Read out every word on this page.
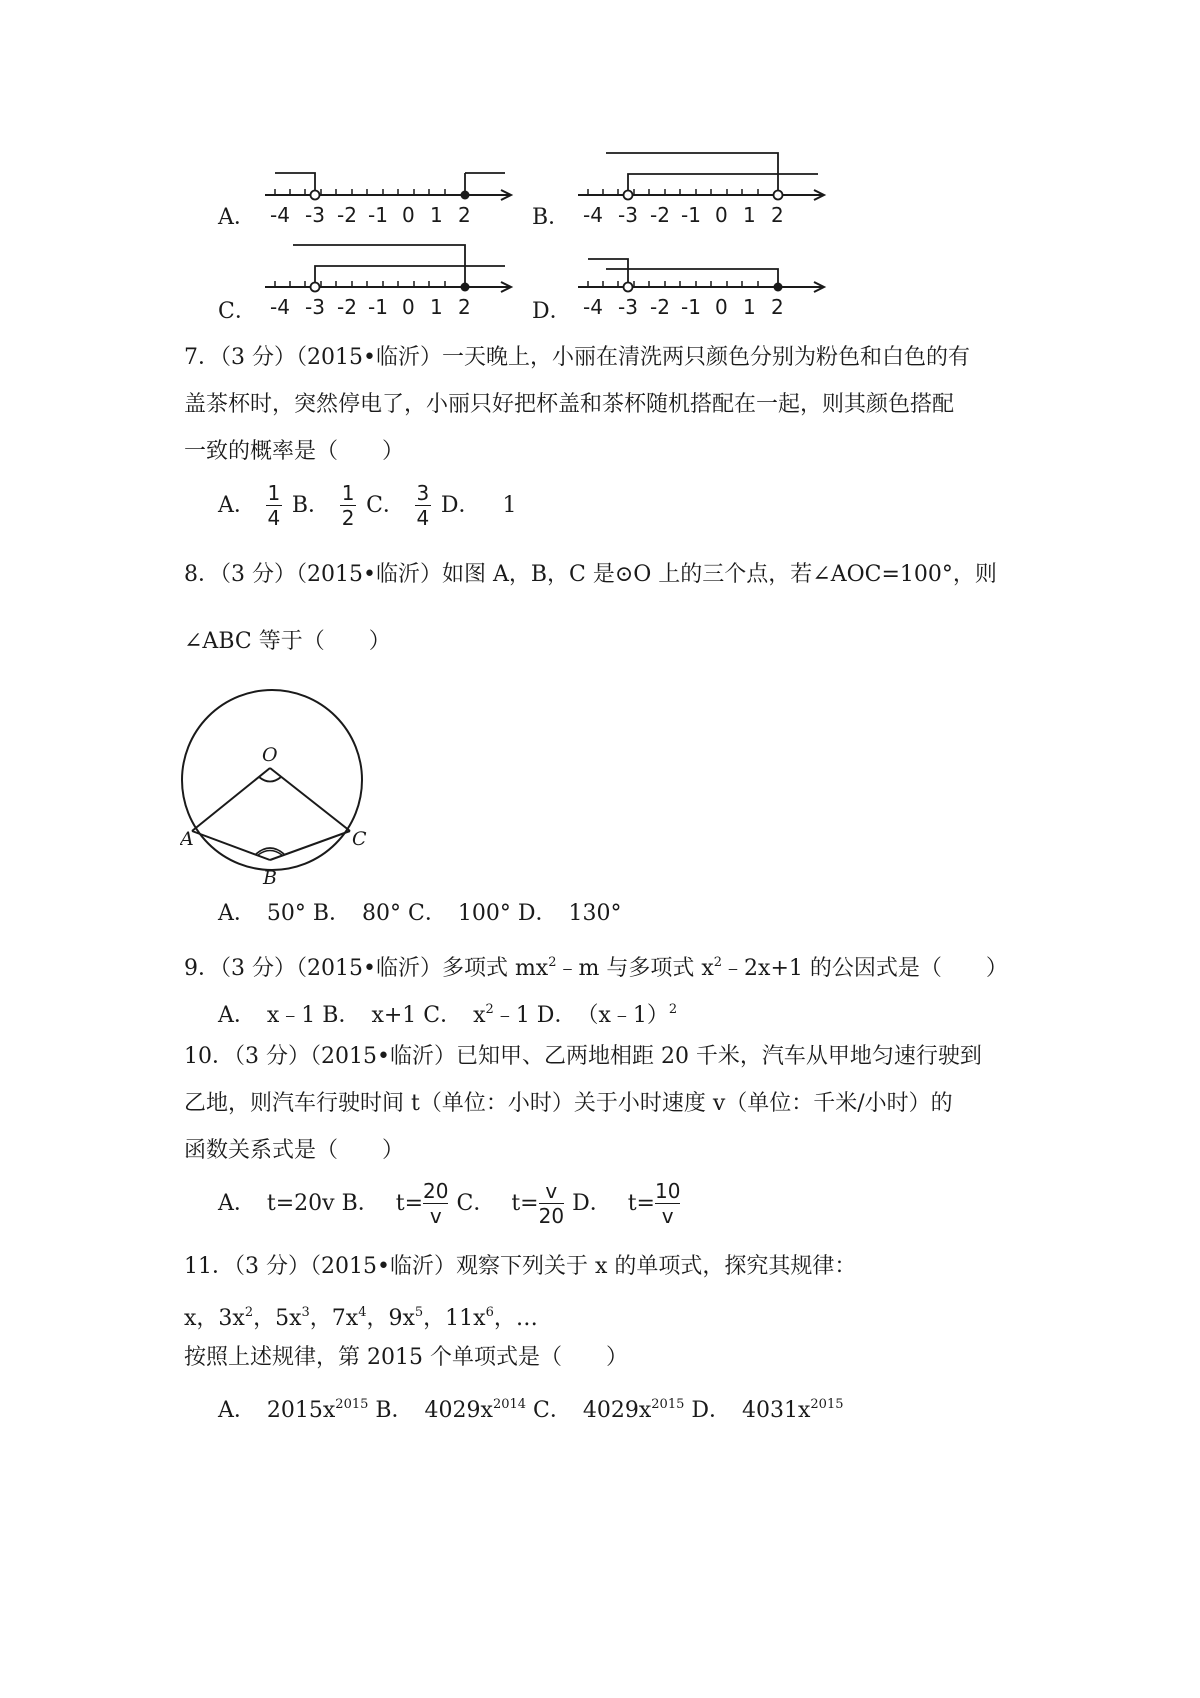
A． -4 -3 -2 -1 0 1 2	B． -4 -3 -2 -1 0 1 2
C． -4 -3 -2 -1 0 1 2	D． -4 -3 -2 -1 0 1 2
7．（3 分）（2015•临沂）一天晚上，小丽在清洗两只颜色分别为粉色和白色的有
盖茶杯时，突然停电了，小丽只好把杯盖和茶杯随机搭配在一起，则其颜色搭配
一致的概率是（　　）
A． $\frac{1}{4}$ B． $\frac{1}{2}$ C． $\frac{3}{4}$ D． 1
8．（3 分）（2015•临沂）如图 A，B，C 是⊙O 上的三个点，若∠AOC=100°，则
∠ABC 等于（　　）
O
A
B
C
A．　50° B．　80° C．　100° D．　130°
9．（3 分）（2015•临沂）多项式 $mx^2﹣m$ 与多项式 $x^2﹣2x+1$ 的公因式是（　　）
A．　x﹣1 B．　x+1 C．　$x^2﹣1$ D．　（x﹣1）$^2$
10．（3 分）（2015•临沂）已知甲、乙两地相距 20 千米，汽车从甲地匀速行驶到
乙地，则汽车行驶时间 t（单位：小时）关于小时速度 v（单位：千米/小时）的
函数关系式是（　　）
A．　t=20v B． $t= \frac{20}{v}$ C． $t= \frac{v}{20}$ D． $t= \frac{10}{v}$
11．（3 分）（2015•临沂）观察下列关于 x 的单项式，探究其规律：
x，$3x^2$，$5x^3$，$7x^4$，$9x^5$，$11x^6$，…
按照上述规律，第 2015 个单项式是（　　）
A．　$2015x^{2015}$ B．　$4029x^{2014}$ C．　$4029x^{2015}$ D．　$4031x^{2015}$
